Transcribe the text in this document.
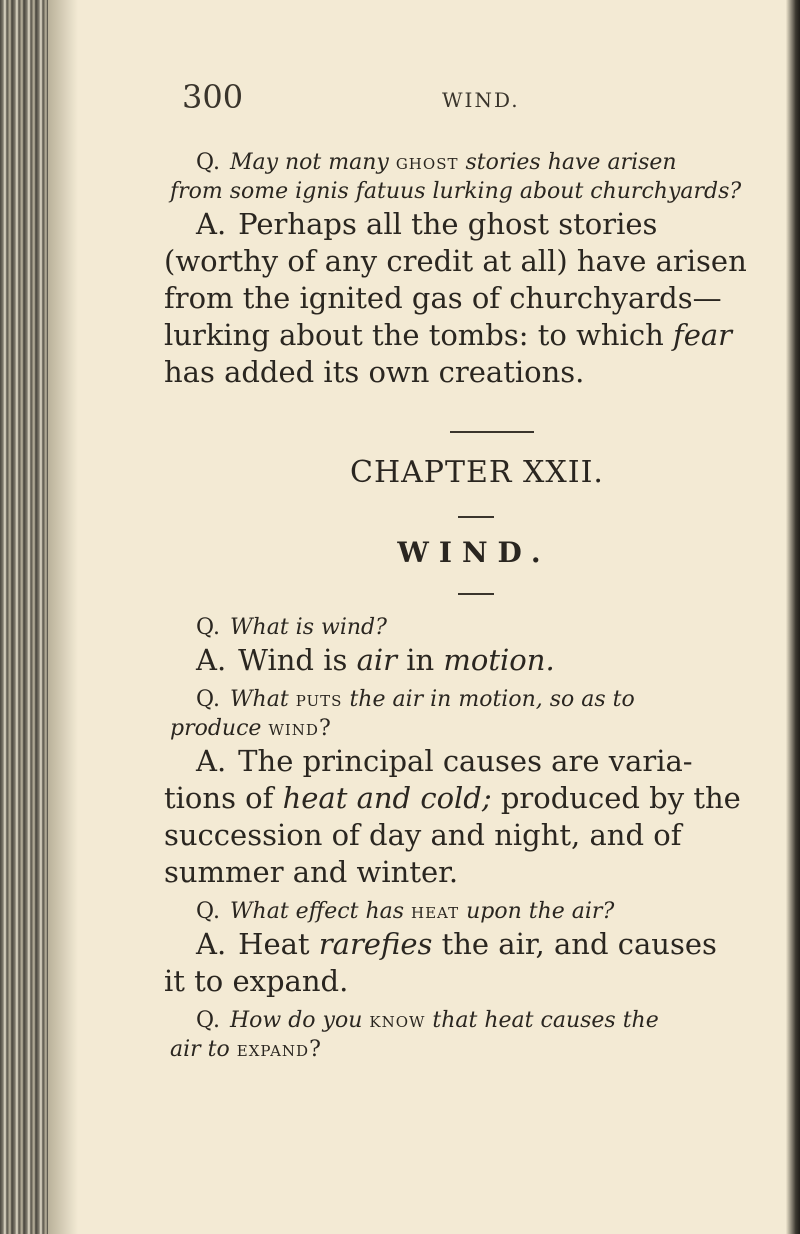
300	WIND.

Q. May not many ghost stories have arisen
from some ignis fatuus lurking about churchyards?

A. Perhaps all the ghost stories
(worthy of any credit at all) have arisen
from the ignited gas of churchyards—
lurking about the tombs: to which fear
has added its own creations.

CHAPTER XXII.

WIND.

Q. What is wind?

A. Wind is air in motion.

Q. What puts the air in motion, so as to
produce wind?

A. The principal causes are varia-
tions of heat and cold; produced by the
succession of day and night, and of
summer and winter.

Q. What effect has heat upon the air?

A. Heat rarefies the air, and causes
it to expand.

Q. How do you know that heat causes the
air to expand?
